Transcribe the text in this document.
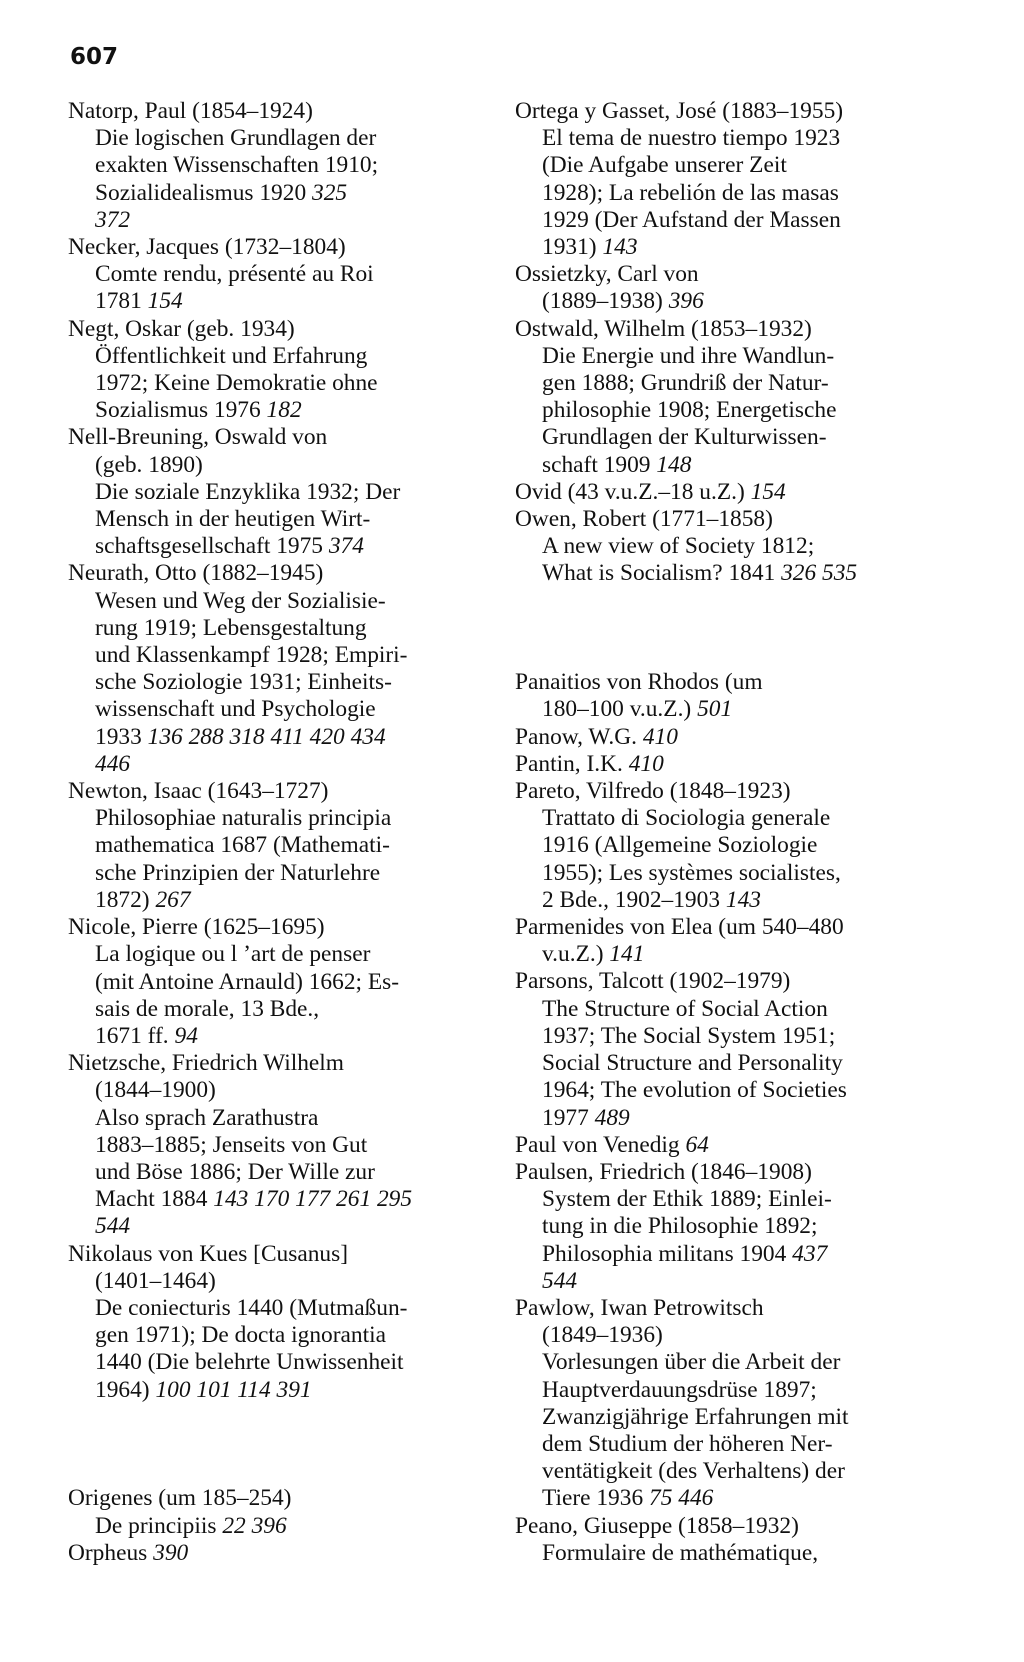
607
Natorp, Paul (1854–1924)
Die logischen Grundlagen der
exakten Wissenschaften 1910;
Sozialidealismus 1920 325
372
Necker, Jacques (1732–1804)
Comte rendu, présenté au Roi
1781 154
Negt, Oskar (geb. 1934)
Öffentlichkeit und Erfahrung
1972; Keine Demokratie ohne
Sozialismus 1976 182
Nell-Breuning, Oswald von
(geb. 1890)
Die soziale Enzyklika 1932; Der
Mensch in der heutigen Wirt-
schaftsgesellschaft 1975 374
Neurath, Otto (1882–1945)
Wesen und Weg der Sozialisie-
rung 1919; Lebensgestaltung
und Klassenkampf 1928; Empiri-
sche Soziologie 1931; Einheits-
wissenschaft und Psychologie
1933 136 288 318 411 420 434
446
Newton, Isaac (1643–1727)
Philosophiae naturalis principia
mathematica 1687 (Mathemati-
sche Prinzipien der Naturlehre
1872) 267
Nicole, Pierre (1625–1695)
La logique ou l ’art de penser
(mit Antoine Arnauld) 1662; Es-
sais de morale, 13 Bde.,
1671 ff. 94
Nietzsche, Friedrich Wilhelm
(1844–1900)
Also sprach Zarathustra
1883–1885; Jenseits von Gut
und Böse 1886; Der Wille zur
Macht 1884 143 170 177 261 295
544
Nikolaus von Kues [Cusanus]
(1401–1464)
De coniecturis 1440 (Mutmaßun-
gen 1971); De docta ignorantia
1440 (Die belehrte Unwissenheit
1964) 100 101 114 391
Origenes (um 185–254)
De principiis 22 396
Orpheus 390
Ortega y Gasset, José (1883–1955)
El tema de nuestro tiempo 1923
(Die Aufgabe unserer Zeit
1928); La rebelión de las masas
1929 (Der Aufstand der Massen
1931) 143
Ossietzky, Carl von
(1889–1938) 396
Ostwald, Wilhelm (1853–1932)
Die Energie und ihre Wandlun-
gen 1888; Grundriß der Natur-
philosophie 1908; Energetische
Grundlagen der Kulturwissen-
schaft 1909 148
Ovid (43 v.u.Z.–18 u.Z.) 154
Owen, Robert (1771–1858)
A new view of Society 1812;
What is Socialism? 1841 326 535
Panaitios von Rhodos (um
180–100 v.u.Z.) 501
Panow, W.G. 410
Pantin, I.K. 410
Pareto, Vilfredo (1848–1923)
Trattato di Sociologia generale
1916 (Allgemeine Soziologie
1955); Les systèmes socialistes,
2 Bde., 1902–1903 143
Parmenides von Elea (um 540–480
v.u.Z.) 141
Parsons, Talcott (1902–1979)
The Structure of Social Action
1937; The Social System 1951;
Social Structure and Personality
1964; The evolution of Societies
1977 489
Paul von Venedig 64
Paulsen, Friedrich (1846–1908)
System der Ethik 1889; Einlei-
tung in die Philosophie 1892;
Philosophia militans 1904 437
544
Pawlow, Iwan Petrowitsch
(1849–1936)
Vorlesungen über die Arbeit der
Hauptverdauungsdrüse 1897;
Zwanzigjährige Erfahrungen mit
dem Studium der höheren Ner-
ventätigkeit (des Verhaltens) der
Tiere 1936 75 446
Peano, Giuseppe (1858–1932)
Formulaire de mathématique,
